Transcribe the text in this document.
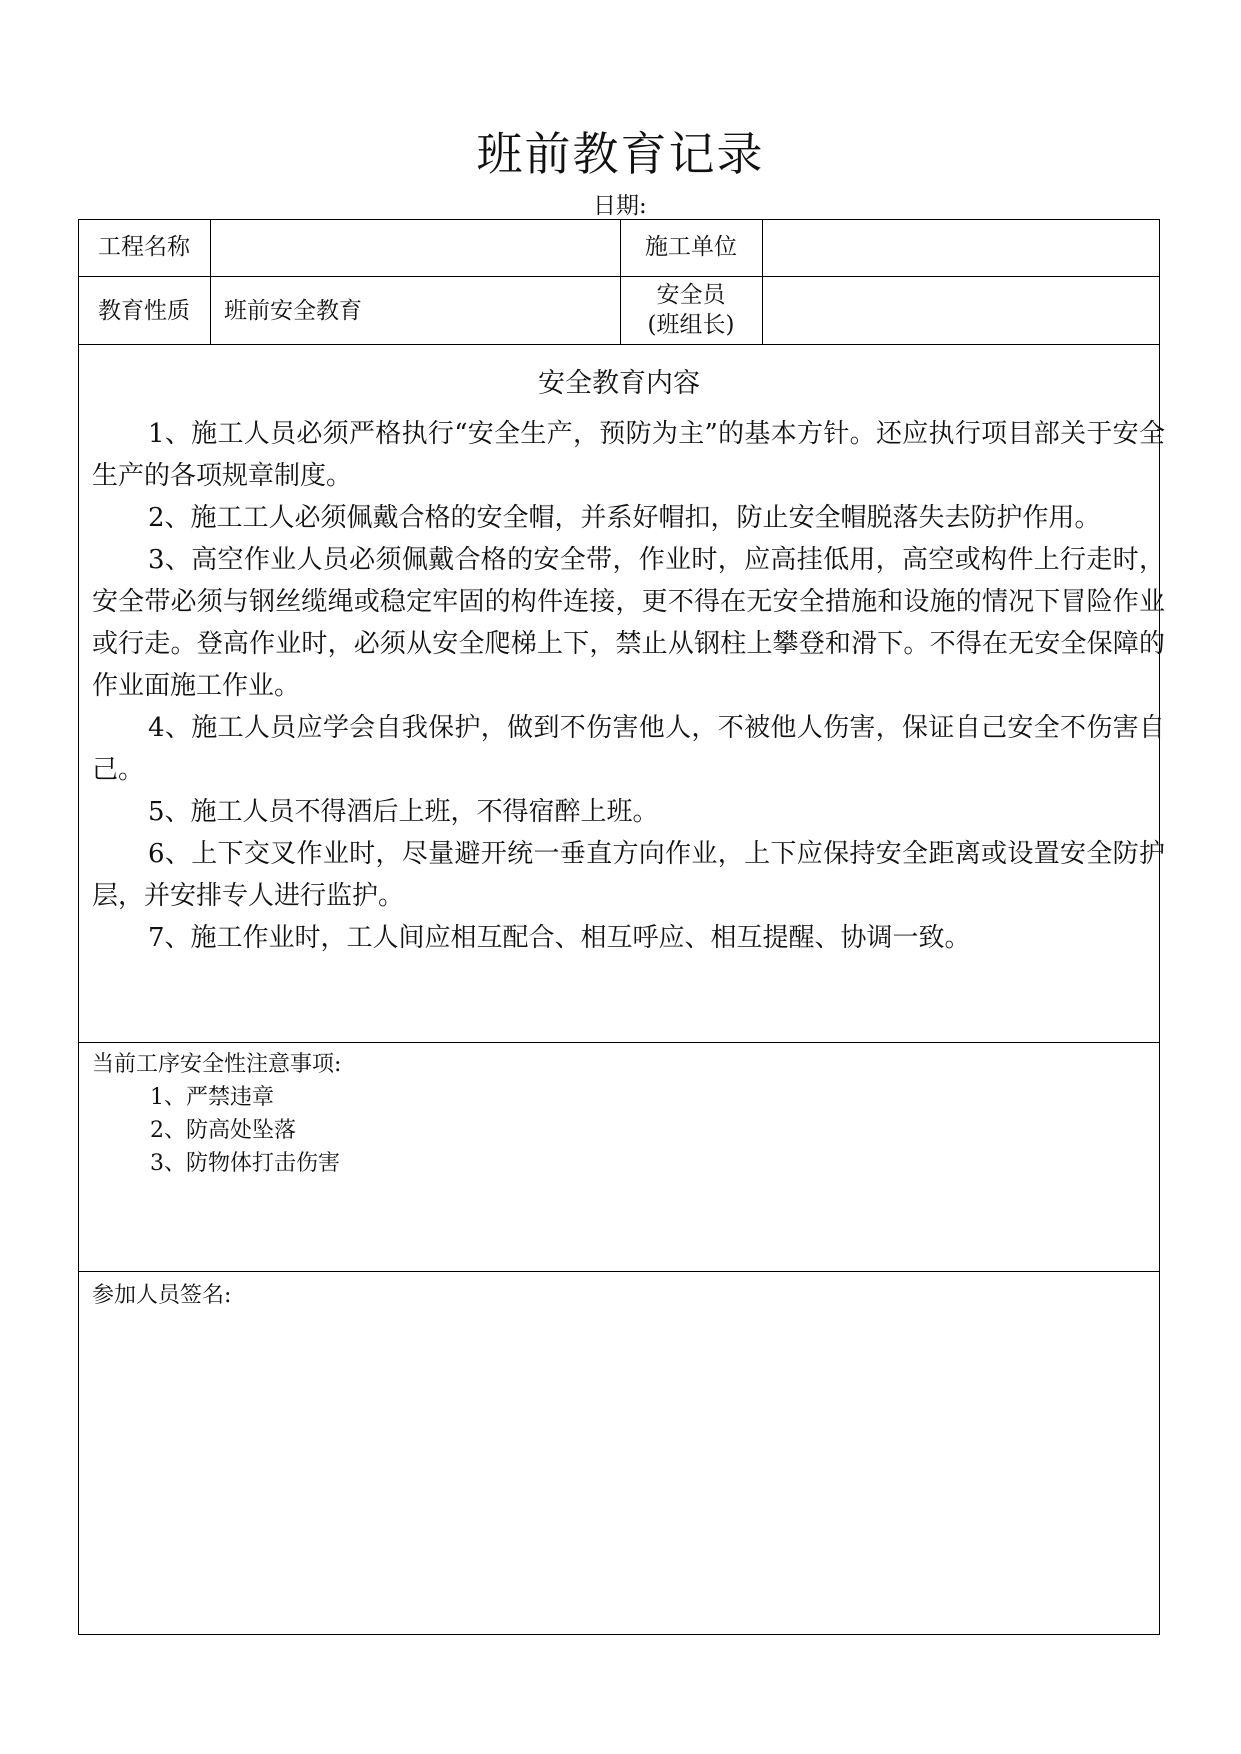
班前教育记录
日期:
工程名称	施工单位
教育性质	班前安全教育
安全员
(班组长)
安全教育内容

1、施工人员必须严格执行“安全生产，预防为主”的基本方针。还应执行项目部关于安全生产的各项规章制度。

2、施工工人必须佩戴合格的安全帽，并系好帽扣，防止安全帽脱落失去防护作用。

3、高空作业人员必须佩戴合格的安全带，作业时，应高挂低用，高空或构件上行走时，安全带必须与钢丝缆绳或稳定牢固的构件连接，更不得在无安全措施和设施的情况下冒险作业或行走。登高作业时，必须从安全爬梯上下，禁止从钢柱上攀登和滑下。不得在无安全保障的作业面施工作业。

4、施工人员应学会自我保护，做到不伤害他人，不被他人伤害，保证自己安全不伤害自己。

5、施工人员不得酒后上班，不得宿醉上班。

6、上下交叉作业时，尽量避开统一垂直方向作业，上下应保持安全距离或设置安全防护层，并安排专人进行监护。

7、施工作业时，工人间应相互配合、相互呼应、相互提醒、协调一致。

当前工序安全性注意事项:
1、严禁违章
2、防高处坠落
3、防物体打击伤害
参加人员签名:
